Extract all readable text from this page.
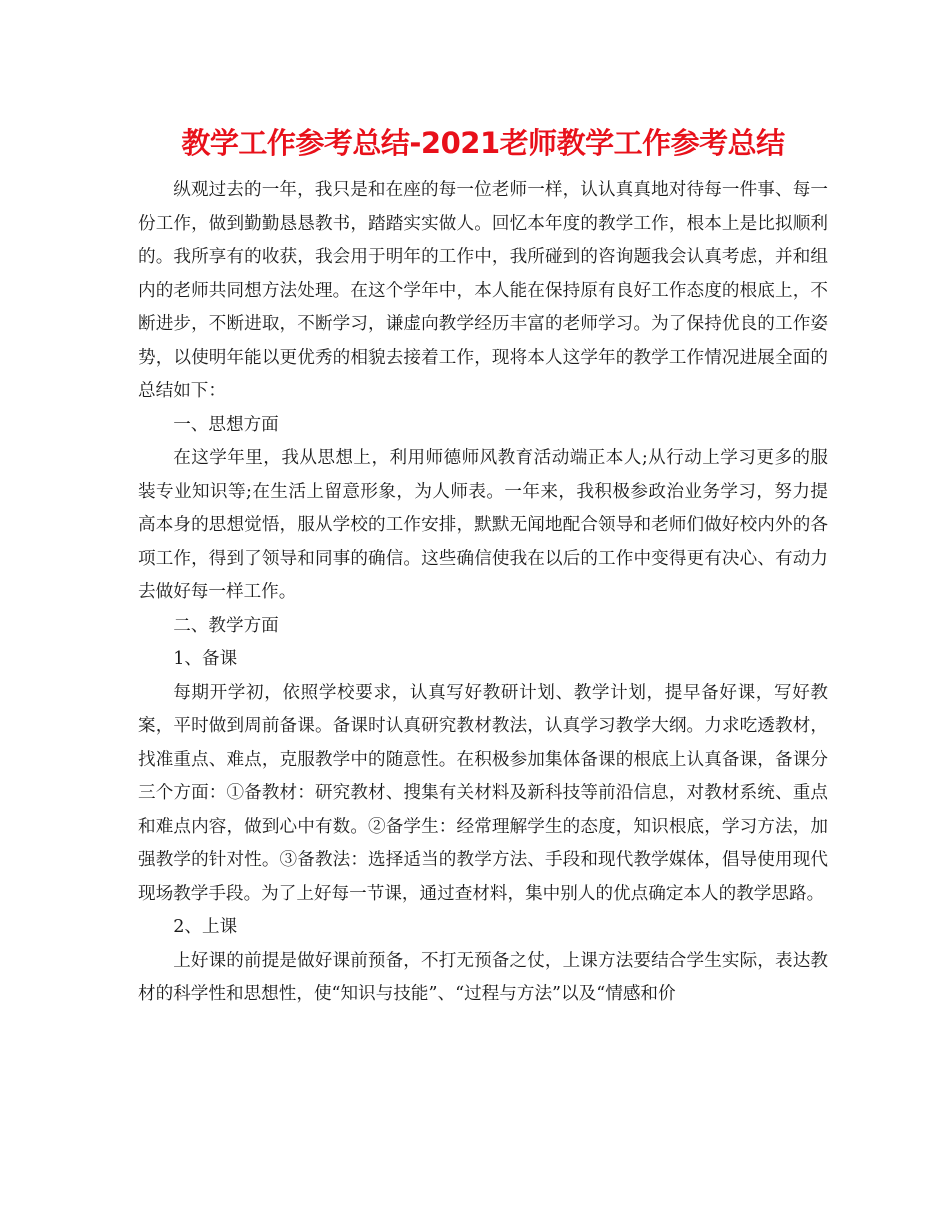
教学工作参考总结-2021老师教学工作参考总结

纵观过去的一年，我只是和在座的每一位老师一样，认认真真地对待每一件事、每一份工作，做到勤勤恳恳教书，踏踏实实做人。回忆本年度的教学工作，根本上是比拟顺利的。我所享有的收获，我会用于明年的工作中，我所碰到的咨询题我会认真考虑，并和组内的老师共同想方法处理。在这个学年中，本人能在保持原有良好工作态度的根底上，不断进步，不断进取，不断学习，谦虚向教学经历丰富的老师学习。为了保持优良的工作姿势，以使明年能以更优秀的相貌去接着工作，现将本人这学年的教学工作情况进展全面的总结如下：

一、思想方面

在这学年里，我从思想上，利用师德师风教育活动端正本人;从行动上学习更多的服装专业知识等;在生活上留意形象，为人师表。一年来，我积极参政治业务学习，努力提高本身的思想觉悟，服从学校的工作安排，默默无闻地配合领导和老师们做好校内外的各项工作，得到了领导和同事的确信。这些确信使我在以后的工作中变得更有决心、有动力去做好每一样工作。

二、教学方面

1、备课

每期开学初，依照学校要求，认真写好教研计划、教学计划，提早备好课，写好教案，平时做到周前备课。备课时认真研究教材教法，认真学习教学大纲。力求吃透教材，找准重点、难点，克服教学中的随意性。在积极参加集体备课的根底上认真备课，备课分三个方面：①备教材：研究教材、搜集有关材料及新科技等前沿信息，对教材系统、重点和难点内容，做到心中有数。②备学生：经常理解学生的态度，知识根底，学习方法，加强教学的针对性。③备教法：选择适当的教学方法、手段和现代教学媒体，倡导使用现代现场教学手段。为了上好每一节课，通过查材料，集中别人的优点确定本人的教学思路。

2、上课

上好课的前提是做好课前预备，不打无预备之仗，上课方法要结合学生实际，表达教材的科学性和思想性，使“知识与技能”、“过程与方法”以及“情感和价
